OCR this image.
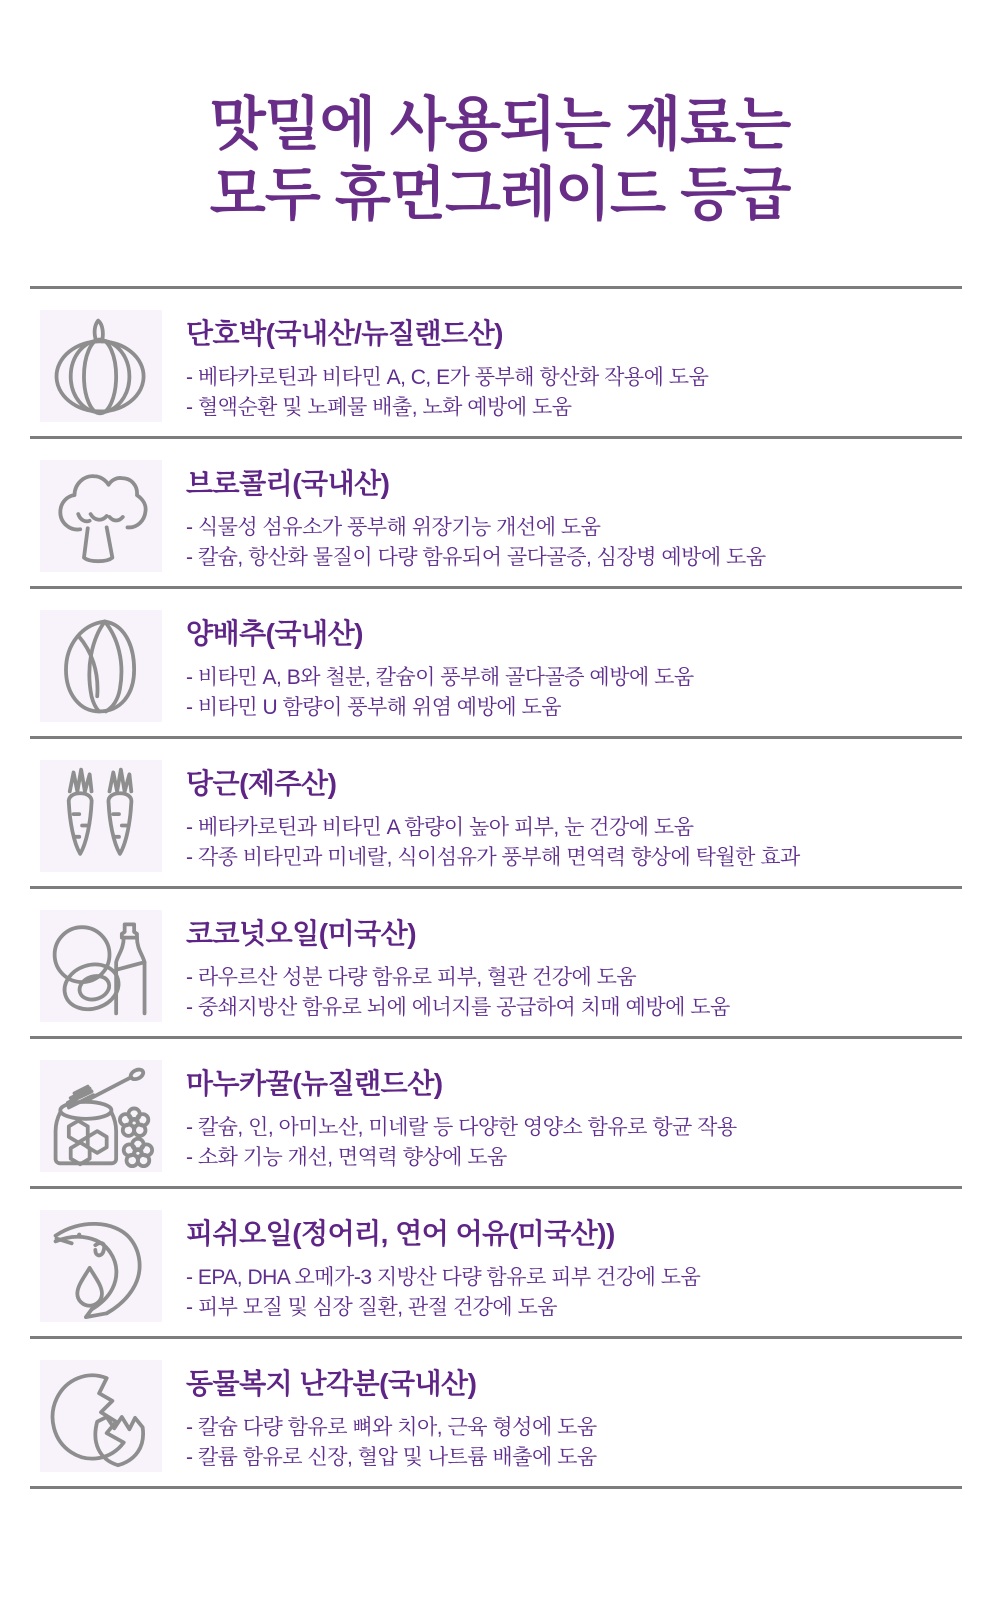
맛밀에 사용되는 재료는
모두 휴먼그레이드 등급
단호박(국내산/뉴질랜드산)
- 베타카로틴과 비타민 A, C, E가 풍부해 항산화 작용에 도움
- 혈액순환 및 노폐물 배출, 노화 예방에 도움
브로콜리(국내산)
- 식물성 섬유소가 풍부해 위장기능 개선에 도움
- 칼슘, 항산화 물질이 다량 함유되어 골다골증, 심장병 예방에 도움
양배추(국내산)
- 비타민 A, B와 철분, 칼슘이 풍부해 골다골증 예방에 도움
- 비타민 U 함량이 풍부해 위염 예방에 도움
당근(제주산)
- 베타카로틴과 비타민 A 함량이 높아 피부, 눈 건강에 도움
- 각종 비타민과 미네랄, 식이섬유가 풍부해 면역력 향상에 탁월한 효과
코코넛오일(미국산)
- 라우르산 성분 다량 함유로 피부, 혈관 건강에 도움
- 중쇄지방산 함유로 뇌에 에너지를 공급하여 치매 예방에 도움
마누카꿀(뉴질랜드산)
- 칼슘, 인, 아미노산, 미네랄 등 다양한 영양소 함유로 항균 작용
- 소화 기능 개선, 면역력 향상에 도움
피쉬오일(정어리, 연어 어유(미국산))
- EPA, DHA 오메가-3 지방산 다량 함유로 피부 건강에 도움
- 피부 모질 및 심장 질환, 관절 건강에 도움
동물복지 난각분(국내산)
- 칼슘 다량 함유로 뼈와 치아, 근육 형성에 도움
- 칼륨 함유로 신장, 혈압 및 나트륨 배출에 도움
